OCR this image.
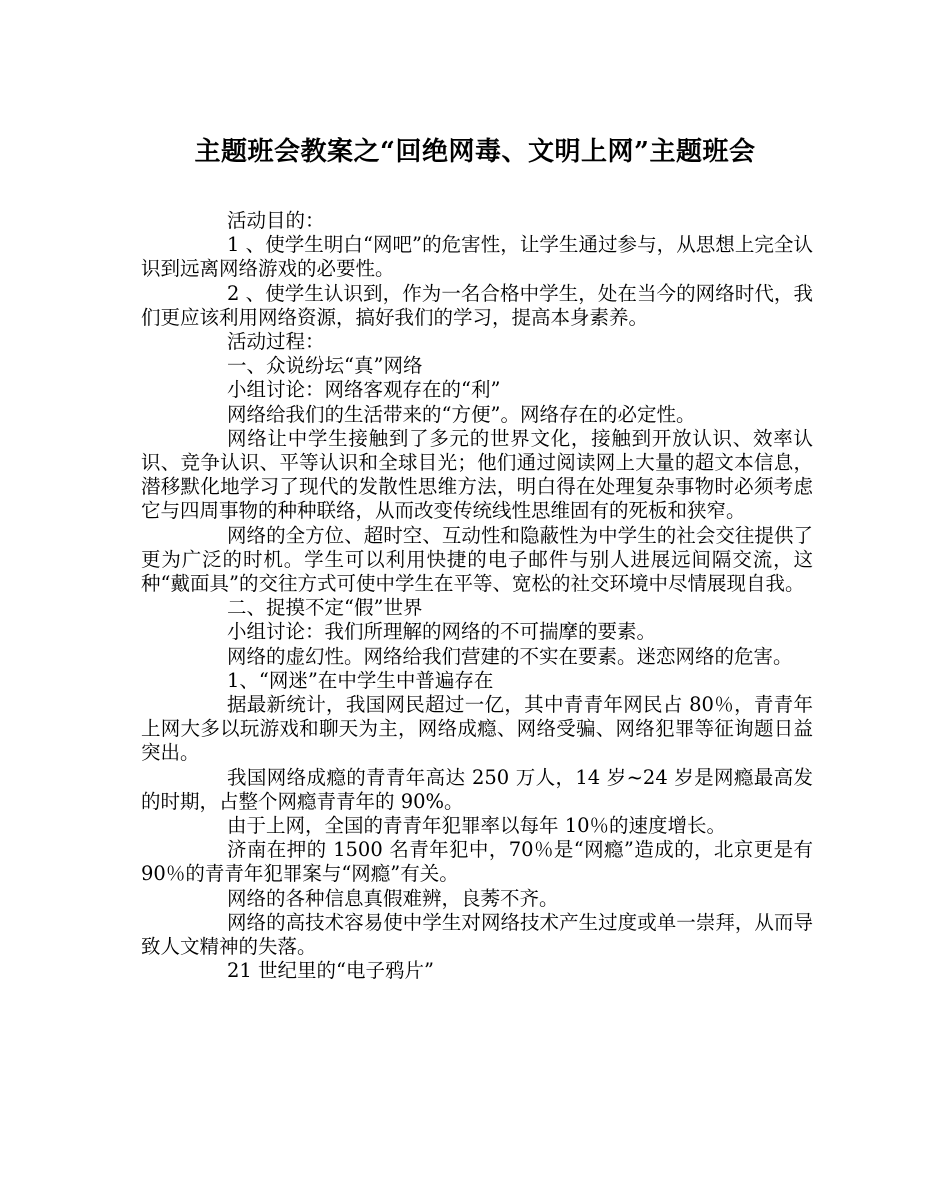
主题班会教案之“回绝网毒、文明上网”主题班会

活动目的：

1 、使学生明白“网吧”的危害性，让学生通过参与，从思想上完全认识到远离网络游戏的必要性。

2 、使学生认识到，作为一名合格中学生，处在当今的网络时代，我们更应该利用网络资源，搞好我们的学习，提高本身素养。

活动过程：

一、众说纷坛“真”网络

小组讨论：网络客观存在的“利”

网络给我们的生活带来的“方便”。网络存在的必定性。

网络让中学生接触到了多元的世界文化，接触到开放认识、效率认识、竞争认识、平等认识和全球目光；他们通过阅读网上大量的超文本信息，潜移默化地学习了现代的发散性思维方法，明白得在处理复杂事物时必须考虑它与四周事物的种种联络，从而改变传统线性思维固有的死板和狭窄。

网络的全方位、超时空、互动性和隐蔽性为中学生的社会交往提供了更为广泛的时机。学生可以利用快捷的电子邮件与别人进展远间隔交流，这种“戴面具”的交往方式可使中学生在平等、宽松的社交环境中尽情展现自我。

二、捉摸不定“假”世界

小组讨论：我们所理解的网络的不可揣摩的要素。

网络的虚幻性。网络给我们营建的不实在要素。迷恋网络的危害。

1、“网迷”在中学生中普遍存在

据最新统计，我国网民超过一亿，其中青青年网民占 80％，青青年上网大多以玩游戏和聊天为主，网络成瘾、网络受骗、网络犯罪等征询题日益突出。

我国网络成瘾的青青年高达 250 万人，14 岁~24 岁是网瘾最高发的时期，占整个网瘾青青年的 90%。

由于上网，全国的青青年犯罪率以每年 10％的速度增长。

济南在押的 1500 名青年犯中，70％是“网瘾”造成的，北京更是有 90％的青青年犯罪案与“网瘾”有关。

网络的各种信息真假难辨，良莠不齐。

网络的高技术容易使中学生对网络技术产生过度或单一崇拜，从而导致人文精神的失落。

21 世纪里的“电子鸦片”
